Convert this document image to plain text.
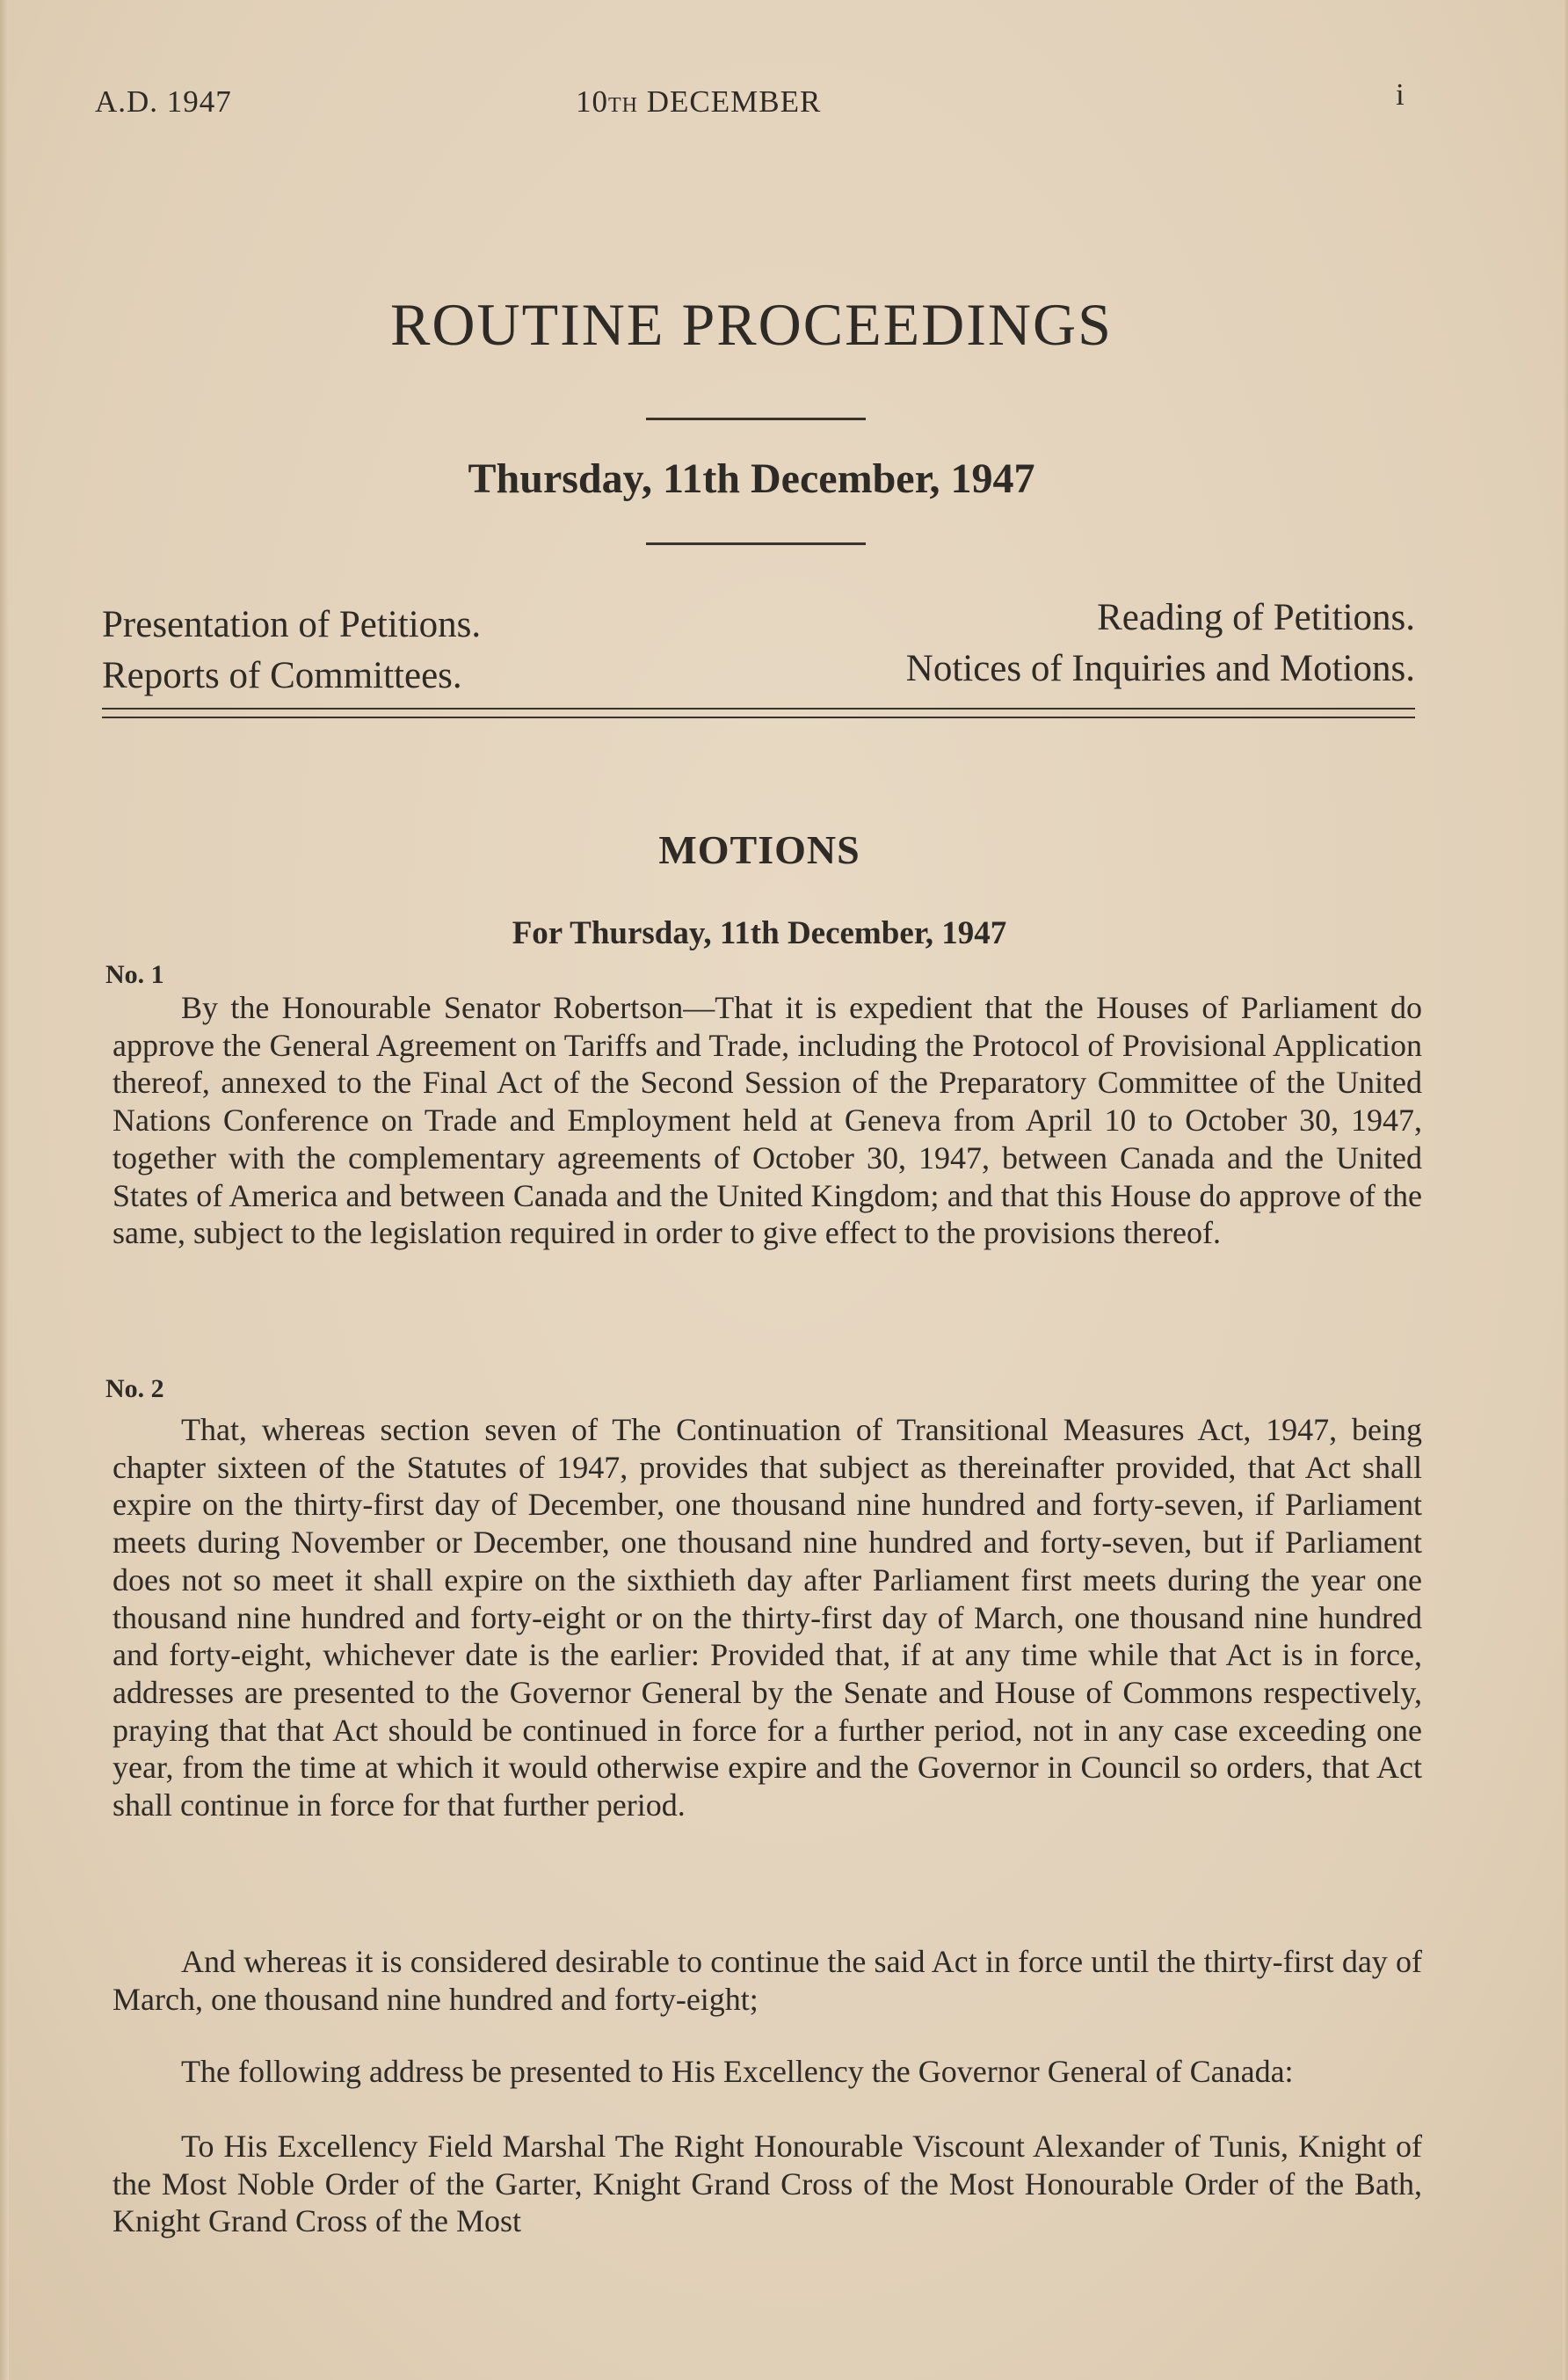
A.D. 1947	10TH DECEMBER	i
ROUTINE PROCEEDINGS
Thursday, 11th December, 1947
Presentation of Petitions.
Reports of Committees.
Reading of Petitions.
Notices of Inquiries and Motions.
MOTIONS
For Thursday, 11th December, 1947
No. 1

By the Honourable Senator Robertson—That it is expedient that the Houses of Parliament do approve the General Agreement on Tariffs and Trade, including the Protocol of Provisional Application thereof, annexed to the Final Act of the Second Session of the Preparatory Committee of the United Nations Conference on Trade and Employment held at Geneva from April 10 to October 30, 1947, together with the complementary agreements of October 30, 1947, between Canada and the United States of America and between Canada and the United Kingdom; and that this House do approve of the same, subject to the legislation required in order to give effect to the provisions thereof.

No. 2

That, whereas section seven of The Continuation of Transitional Measures Act, 1947, being chapter sixteen of the Statutes of 1947, provides that subject as thereinafter provided, that Act shall expire on the thirty-first day of December, one thousand nine hundred and forty-seven, if Parliament meets during November or December, one thousand nine hundred and forty-seven, but if Parliament does not so meet it shall expire on the sixthieth day after Parliament first meets during the year one thousand nine hundred and forty-eight or on the thirty-first day of March, one thousand nine hundred and forty-eight, whichever date is the earlier: Provided that, if at any time while that Act is in force, addresses are presented to the Governor General by the Senate and House of Commons respectively, praying that that Act should be continued in force for a further period, not in any case exceeding one year, from the time at which it would otherwise expire and the Governor in Council so orders, that Act shall continue in force for that further period.

And whereas it is considered desirable to continue the said Act in force until the thirty-first day of March, one thousand nine hundred and forty-eight;

The following address be presented to His Excellency the Governor General of Canada:

To His Excellency Field Marshal The Right Honourable Viscount Alexander of Tunis, Knight of the Most Noble Order of the Garter, Knight Grand Cross of the Most Honourable Order of the Bath, Knight Grand Cross of the Most
